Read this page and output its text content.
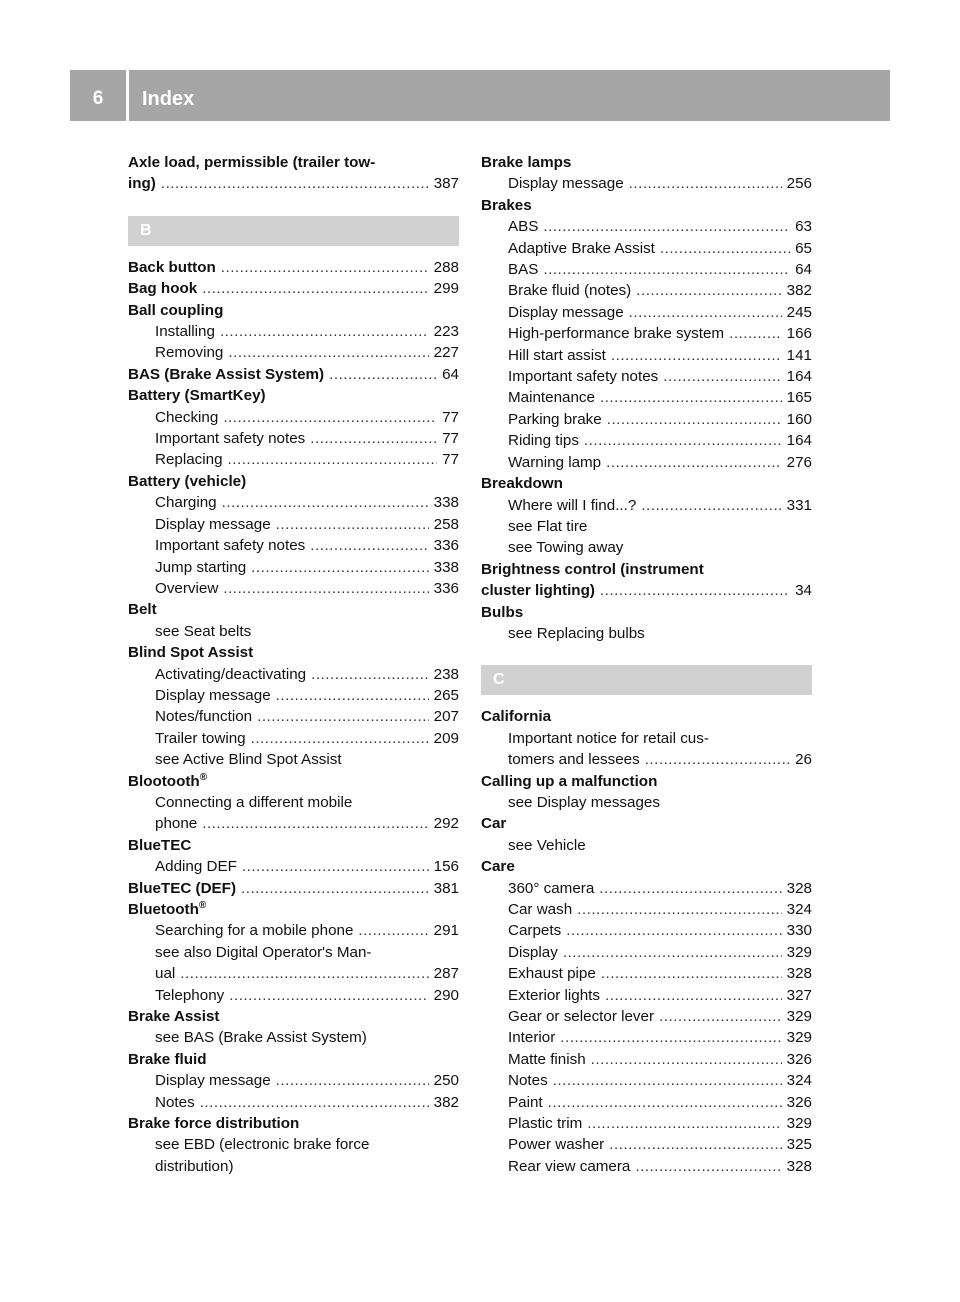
6	Index
Axle load, permissible (trailer tow-
ing) .....	387
B
Back button .....	288
Bag hook .....	299
Ball coupling
Installing .....	223
Removing .....	227
BAS (Brake Assist System) .....	64
Battery (SmartKey)
Checking .....	77
Important safety notes .....	77
Replacing .....	77
Battery (vehicle)
Charging .....	338
Display message .....	258
Important safety notes .....	336
Jump starting .....	338
Overview .....	336
Belt
see Seat belts
Blind Spot Assist
Activating/deactivating .....	238
Display message .....	265
Notes/function .....	207
Trailer towing .....	209
see Active Blind Spot Assist
Blootooth®
Connecting a different mobile
phone .....	292
BlueTEC
Adding DEF .....	156
BlueTEC (DEF) .....	381
Bluetooth®
Searching for a mobile phone .....	291
see also Digital Operator's Man-
ual .....	287
Telephony .....	290
Brake Assist
see BAS (Brake Assist System)
Brake fluid
Display message .....	250
Notes .....	382
Brake force distribution
see EBD (electronic brake force
distribution)
Brake lamps
Display message .....	256
Brakes
ABS .....	63
Adaptive Brake Assist .....	65
BAS .....	64
Brake fluid (notes) .....	382
Display message .....	245
High-performance brake system .....	166
Hill start assist .....	141
Important safety notes .....	164
Maintenance .....	165
Parking brake .....	160
Riding tips .....	164
Warning lamp .....	276
Breakdown
Where will I find...? .....	331
see Flat tire
see Towing away
Brightness control (instrument
cluster lighting) .....	34
Bulbs
see Replacing bulbs
C
California
Important notice for retail cus-
tomers and lessees .....	26
Calling up a malfunction
see Display messages
Car
see Vehicle
Care
360° camera .....	328
Car wash .....	324
Carpets .....	330
Display .....	329
Exhaust pipe .....	328
Exterior lights .....	327
Gear or selector lever .....	329
Interior .....	329
Matte finish .....	326
Notes .....	324
Paint .....	326
Plastic trim .....	329
Power washer .....	325
Rear view camera .....	328
